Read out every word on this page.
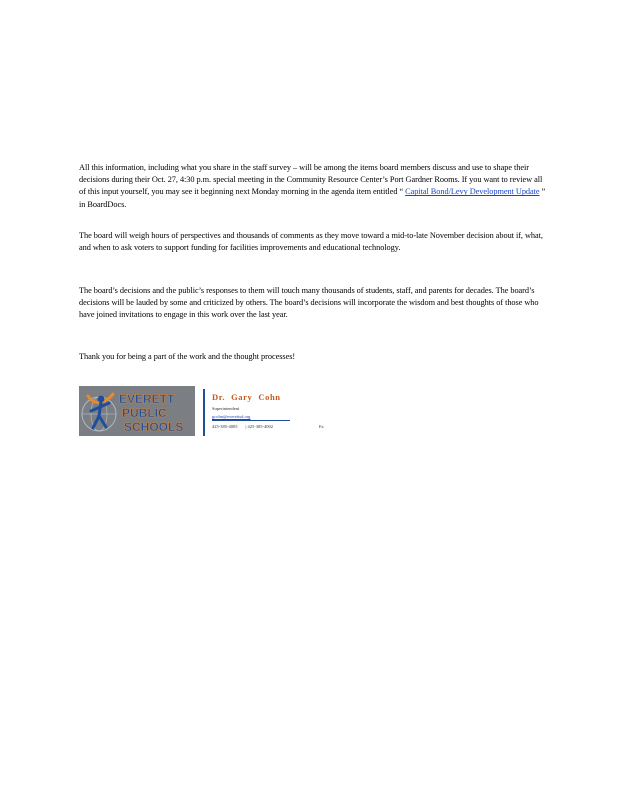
All this information, including what you share in the staff survey – will be among the items board members discuss and use to shape their decisions during their Oct. 27, 4:30 p.m. special meeting in the Community Resource Center’s Port Gardner Rooms. If you want to review all of this input yourself, you may see it beginning next Monday morning in the agenda item entitled “ Capital Bond/Levy Development Update ” in BoardDocs.

The board will weigh hours of perspectives and thousands of comments as they move toward a mid-to-late November decision about if, what, and when to ask voters to support funding for facilities improvements and educational technology.

The board’s decisions and the public’s responses to them will touch many thousands of students, staff, and parents for decades. The board’s decisions will be lauded by some and criticized by others. The board’s decisions will incorporate the wisdom and best thoughts of those who have joined invitations to engage in this work over the last year.

Thank you for being a part of the work and the thought processes!

EVERETT
PUBLIC
SCHOOLS
Dr. Gary Cohn
Superintendent
gcohn@everettsd.org
425-385-4005 | 425-385-4002	Fa
